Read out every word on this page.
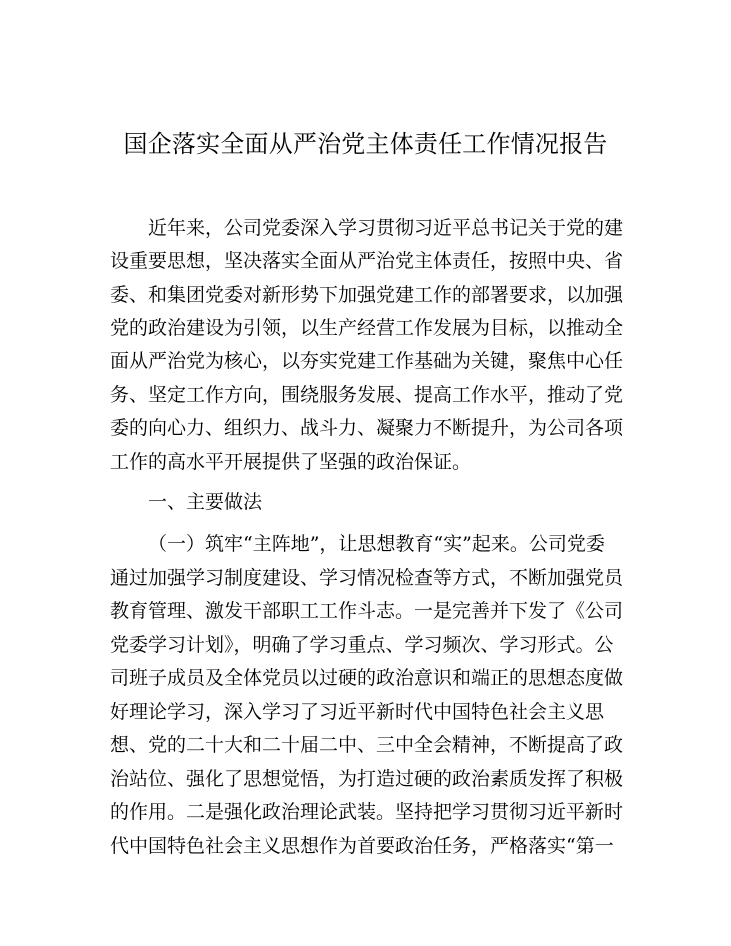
国企落实全面从严治党主体责任工作情况报告
近年来，公司党委深入学习贯彻习近平总书记关于党的建
设重要思想，坚决落实全面从严治党主体责任，按照中央、省
委、和集团党委对新形势下加强党建工作的部署要求，以加强
党的政治建设为引领，以生产经营工作发展为目标，以推动全
面从严治党为核心，以夯实党建工作基础为关键，聚焦中心任
务、坚定工作方向，围绕服务发展、提高工作水平，推动了党
委的向心力、组织力、战斗力、凝聚力不断提升，为公司各项
工作的高水平开展提供了坚强的政治保证。
一、主要做法
（一）筑牢“主阵地”，让思想教育“实”起来。公司党委
通过加强学习制度建设、学习情况检查等方式，不断加强党员
教育管理、激发干部职工工作斗志。一是完善并下发了《公司
党委学习计划》，明确了学习重点、学习频次、学习形式。公
司班子成员及全体党员以过硬的政治意识和端正的思想态度做
好理论学习，深入学习了习近平新时代中国特色社会主义思
想、党的二十大和二十届二中、三中全会精神，不断提高了政
治站位、强化了思想觉悟，为打造过硬的政治素质发挥了积极
的作用。二是强化政治理论武装。坚持把学习贯彻习近平新时
代中国特色社会主义思想作为首要政治任务，严格落实“第一
